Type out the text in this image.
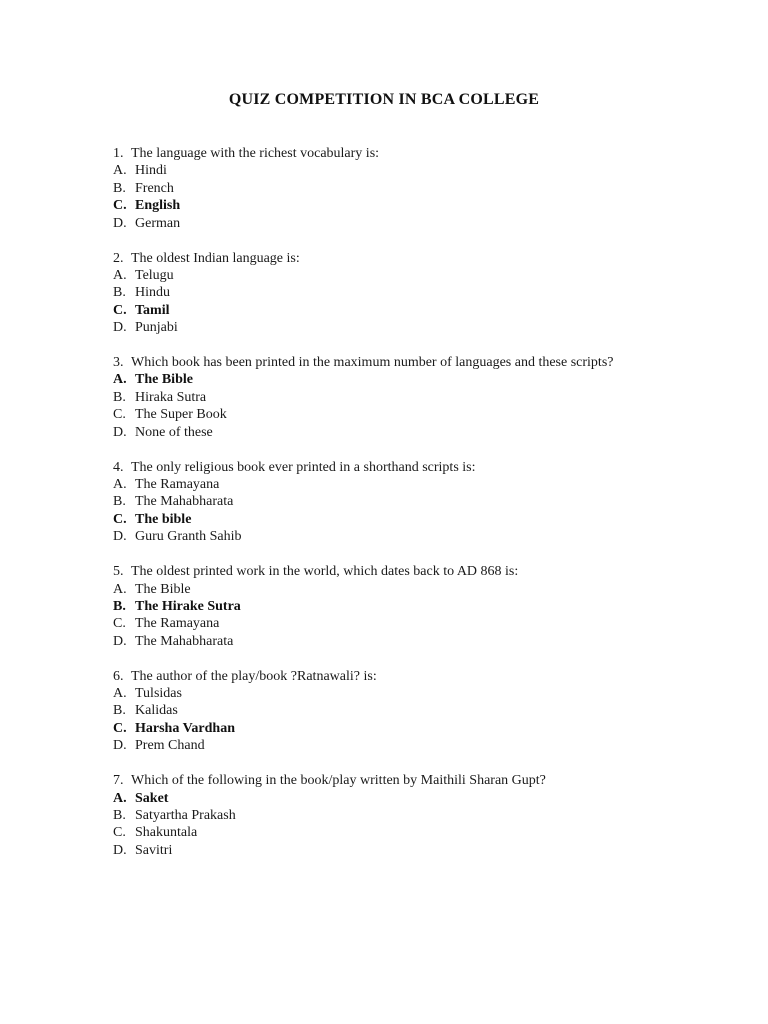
QUIZ COMPETITION IN BCA COLLEGE
1. The language with the richest vocabulary is:
A. Hindi
B. French
C. English
D. German
2. The oldest Indian language is:
A. Telugu
B. Hindu
C. Tamil
D. Punjabi
3. Which book has been printed in the maximum number of languages and these scripts?
A. The Bible
B. Hiraka Sutra
C. The Super Book
D. None of these
4. The only religious book ever printed in a shorthand scripts is:
A. The Ramayana
B. The Mahabharata
C. The bible
D. Guru Granth Sahib
5. The oldest printed work in the world, which dates back to AD 868 is:
A. The Bible
B. The Hirake Sutra
C. The Ramayana
D. The Mahabharata
6. The author of the play/book ?Ratnawali? is:
A. Tulsidas
B. Kalidas
C. Harsha Vardhan
D. Prem Chand
7. Which of the following in the book/play written by Maithili Sharan Gupt?
A. Saket
B. Satyartha Prakash
C. Shakuntala
D. Savitri
